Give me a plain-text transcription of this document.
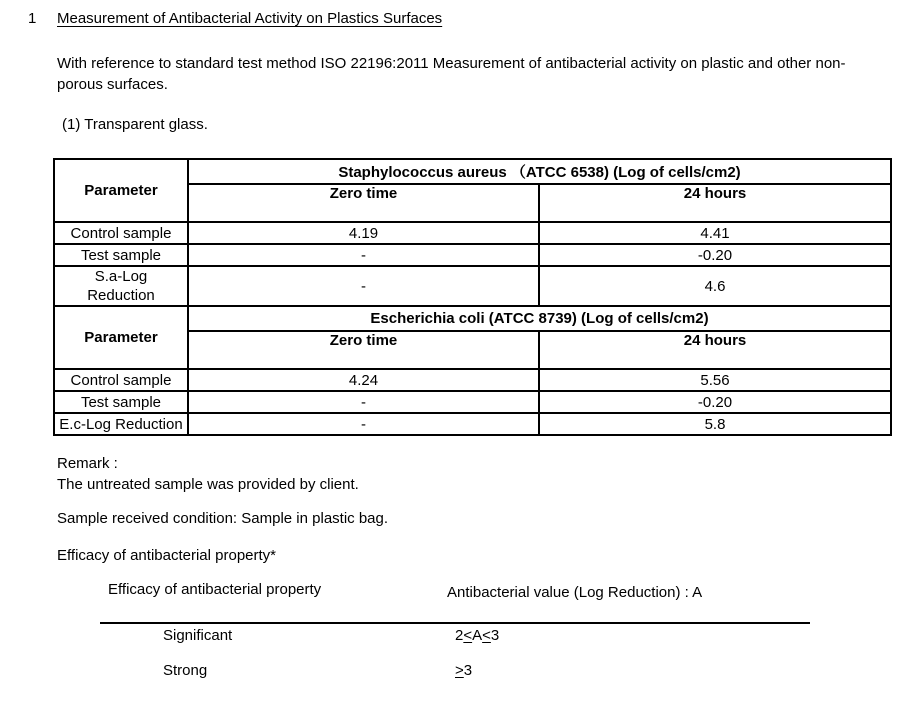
1 Measurement of Antibacterial Activity on Plastics Surfaces
With reference to standard test method ISO 22196:2011 Measurement of antibacterial activity on plastic and other non-porous surfaces.
(1) Transparent glass.
Parameter	Staphylococcus aureus （ATCC 6538) (Log of cells/cm2)	
	Zero time	24 hours
Control sample	4.19	4.41
Test sample	-	-0.20
S.a-Log
Reduction	-	4.6
Parameter	Escherichia coli (ATCC 8739) (Log of cells/cm2)	
	Zero time	24 hours
Control sample	4.24	5.56
Test sample	-	-0.20
E.c-Log Reduction	-	5.8
Remark :
The untreated sample was provided by client.
Sample received condition: Sample in plastic bag.
Efficacy of antibacterial property*
Efficacy of antibacterial property	Antibacterial value (Log Reduction) : A
Significant	2<A<3
Strong	>3
